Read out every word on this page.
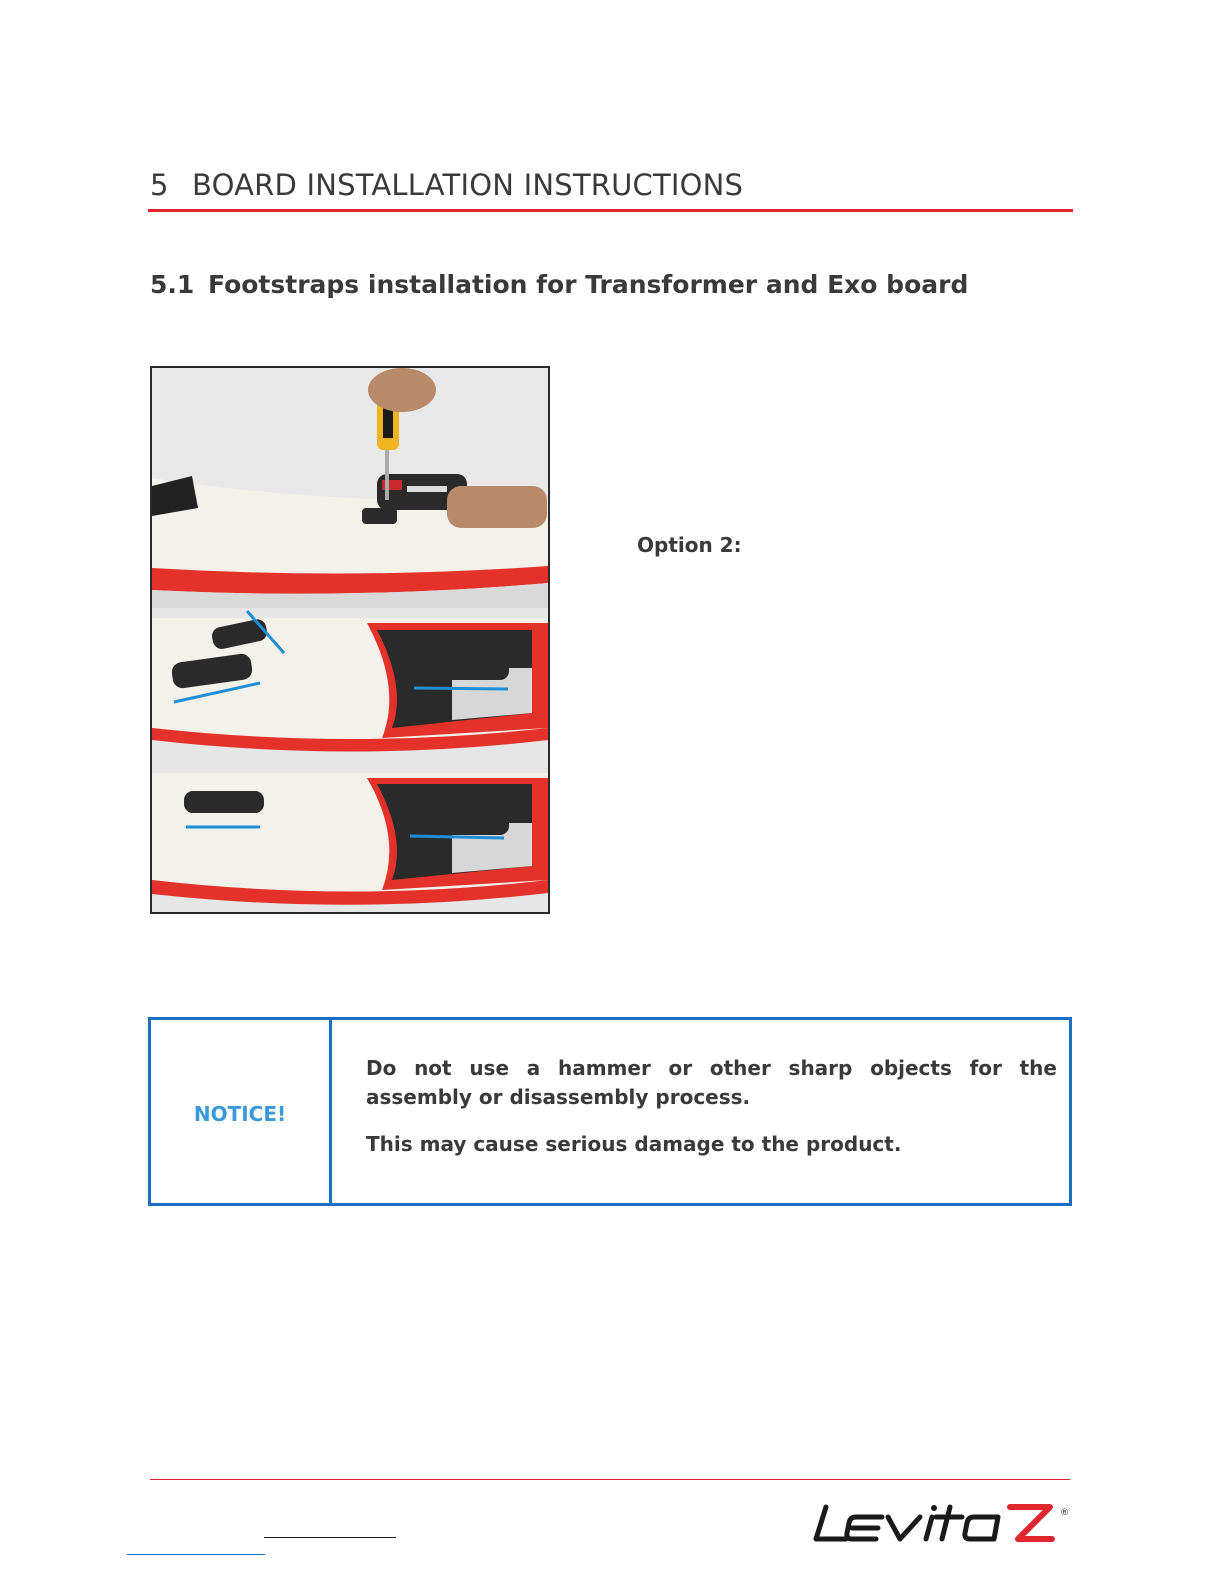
5 BOARD INSTALLATION INSTRUCTIONS
5.1 Footstraps installation for Transformer and Exo board
Option 2:
NOTICE!

Do not use a hammer or other sharp objects for the assembly or disassembly process.

This may cause serious damage to the product.

®
